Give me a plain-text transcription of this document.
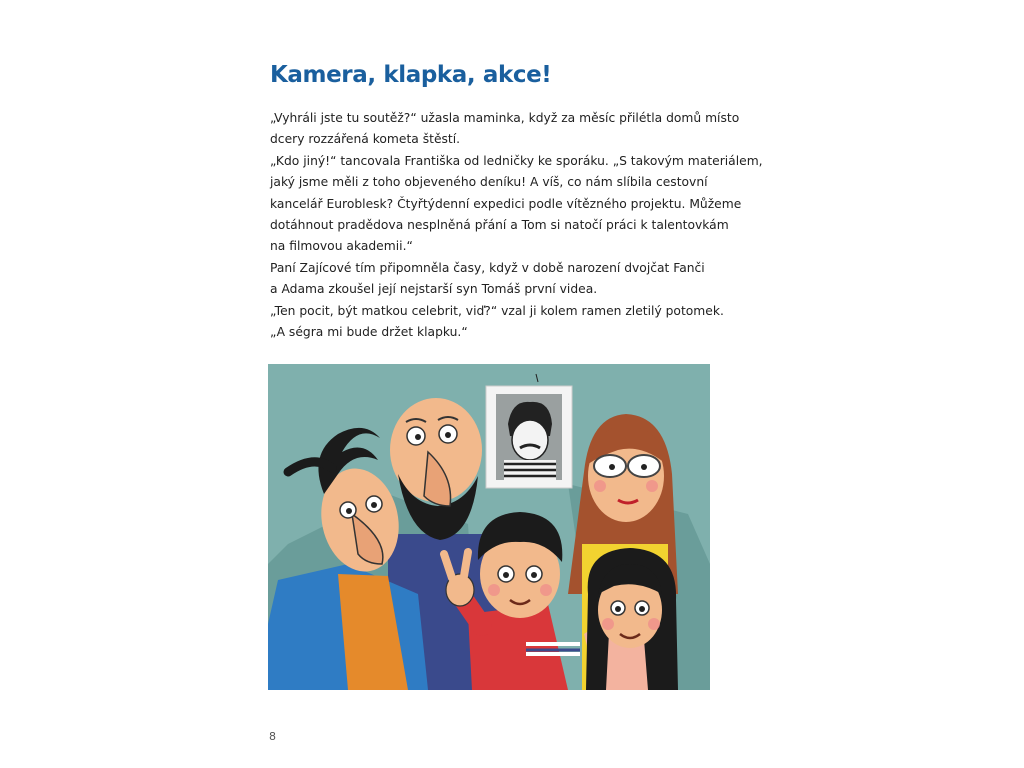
Kamera, klapka, akce!
„Vyhráli jste tu soutěž?“ užasla maminka, když za měsíc přilétla domů místo
dcery rozzářená kometa štěstí.
„Kdo jiný!“ tancovala Františka od ledničky ke sporáku. „S takovým materiálem,
jaký jsme měli z toho objeveného deníku! A víš, co nám slíbila cestovní
kancelář Euroblesk? Čtyřtýdenní expedici podle vítězného projektu. Můžeme
dotáhnout pradědova nesplněná přání a Tom si natočí práci k talentovkám
na filmovou akademii.“
Paní Zajícové tím připomněla časy, když v době narození dvojčat Fanči
a Adama zkoušel její nejstarší syn Tomáš první videa.
„Ten pocit, být matkou celebrit, viď?“ vzal ji kolem ramen zletilý potomek.
„A ségra mi bude držet klapku.“
8
